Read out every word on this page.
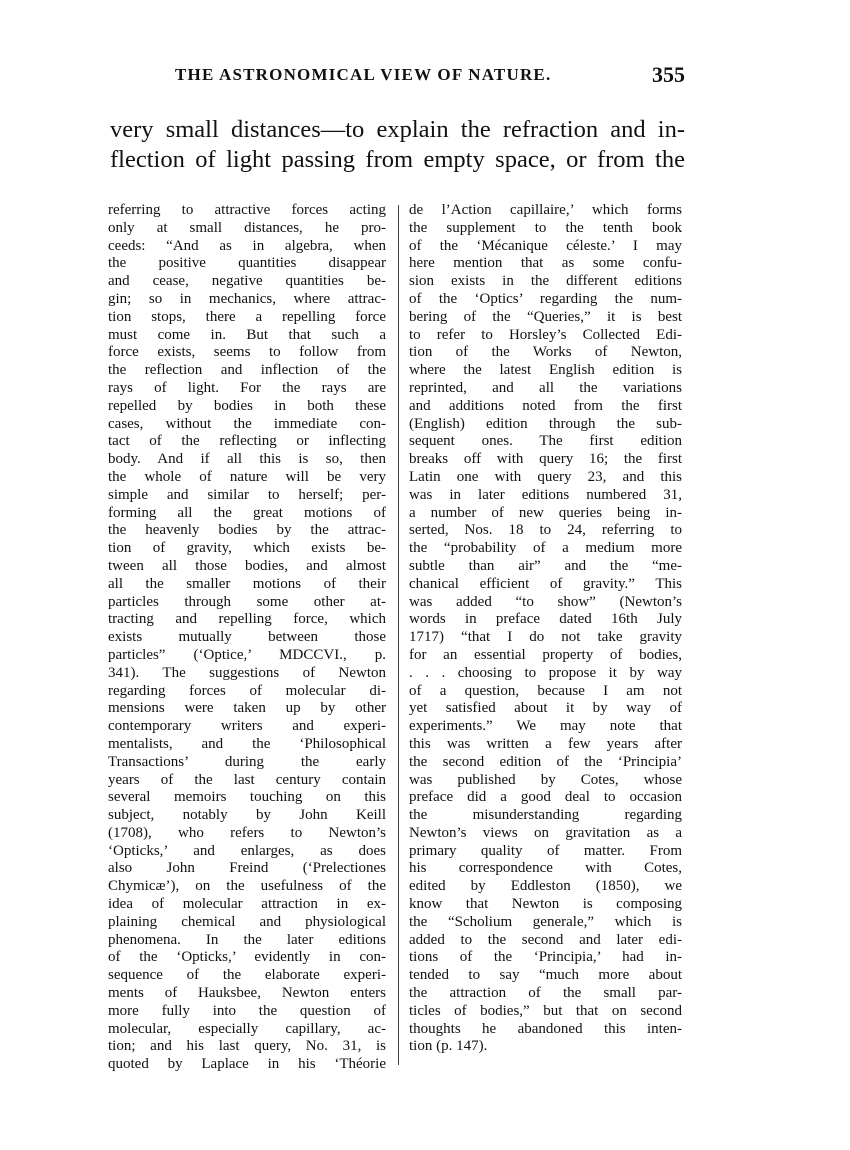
THE ASTRONOMICAL VIEW OF NATURE.	355
very small distances—to explain the refraction and in-
flection of light passing from empty space, or from the
referring to attractive forces acting
only at small distances, he pro-
ceeds: “And as in algebra, when
the positive quantities disappear
and cease, negative quantities be-
gin; so in mechanics, where attrac-
tion stops, there a repelling force
must come in. But that such a
force exists, seems to follow from
the reflection and inflection of the
rays of light. For the rays are
repelled by bodies in both these
cases, without the immediate con-
tact of the reflecting or inflecting
body. And if all this is so, then
the whole of nature will be very
simple and similar to herself; per-
forming all the great motions of
the heavenly bodies by the attrac-
tion of gravity, which exists be-
tween all those bodies, and almost
all the smaller motions of their
particles through some other at-
tracting and repelling force, which
exists mutually between those
particles” (‘Optice,’ MDCCVI., p.
341). The suggestions of Newton
regarding forces of molecular di-
mensions were taken up by other
contemporary writers and experi-
mentalists, and the ‘Philosophical
Transactions’ during the early
years of the last century contain
several memoirs touching on this
subject, notably by John Keill
(1708), who refers to Newton’s
‘Opticks,’ and enlarges, as does
also John Freind (‘Prelectiones
Chymicæ’), on the usefulness of the
idea of molecular attraction in ex-
plaining chemical and physiological
phenomena. In the later editions
of the ‘Opticks,’ evidently in con-
sequence of the elaborate experi-
ments of Hauksbee, Newton enters
more fully into the question of
molecular, especially capillary, ac-
tion; and his last query, No. 31, is
quoted by Laplace in his ‘Théorie
de l’Action capillaire,’ which forms
the supplement to the tenth book
of the ‘Mécanique céleste.’ I may
here mention that as some confu-
sion exists in the different editions
of the ‘Optics’ regarding the num-
bering of the “Queries,” it is best
to refer to Horsley’s Collected Edi-
tion of the Works of Newton,
where the latest English edition is
reprinted, and all the variations
and additions noted from the first
(English) edition through the sub-
sequent ones. The first edition
breaks off with query 16; the first
Latin one with query 23, and this
was in later editions numbered 31,
a number of new queries being in-
serted, Nos. 18 to 24, referring to
the “probability of a medium more
subtle than air” and the “me-
chanical efficient of gravity.” This
was added “to show” (Newton’s
words in preface dated 16th July
1717) “that I do not take gravity
for an essential property of bodies,
. . . choosing to propose it by way
of a question, because I am not
yet satisfied about it by way of
experiments.” We may note that
this was written a few years after
the second edition of the ‘Principia’
was published by Cotes, whose
preface did a good deal to occasion
the misunderstanding regarding
Newton’s views on gravitation as a
primary quality of matter. From
his correspondence with Cotes,
edited by Eddleston (1850), we
know that Newton is composing
the “Scholium generale,” which is
added to the second and later edi-
tions of the ‘Principia,’ had in-
tended to say “much more about
the attraction of the small par-
ticles of bodies,” but that on second
thoughts he abandoned this inten-
tion (p. 147).
